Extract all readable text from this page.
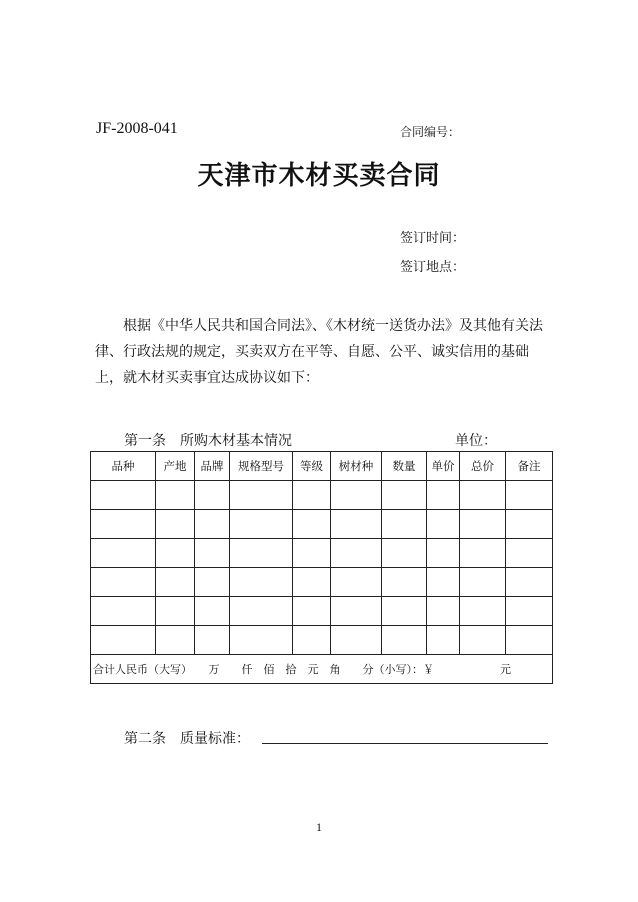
JF-2008-041	合同编号：
天津市木材买卖合同
签订时间：
签订地点：
根据《中华人民共和国合同法》、《木材统一送货办法》及其他有关法律、行政法规的规定，买卖双方在平等、自愿、公平、诚实信用的基础上，就木材买卖事宜达成协议如下：
第一条　所购木材基本情况	单位：
品种	产地	品牌	规格型号	等级	树材种	数量	单价	总价	备注

合计人民币（大写）　　万　　仟　佰　拾　元　角　　分（小写）：￥　　　　　　元									
第二条　质量标准：
1
